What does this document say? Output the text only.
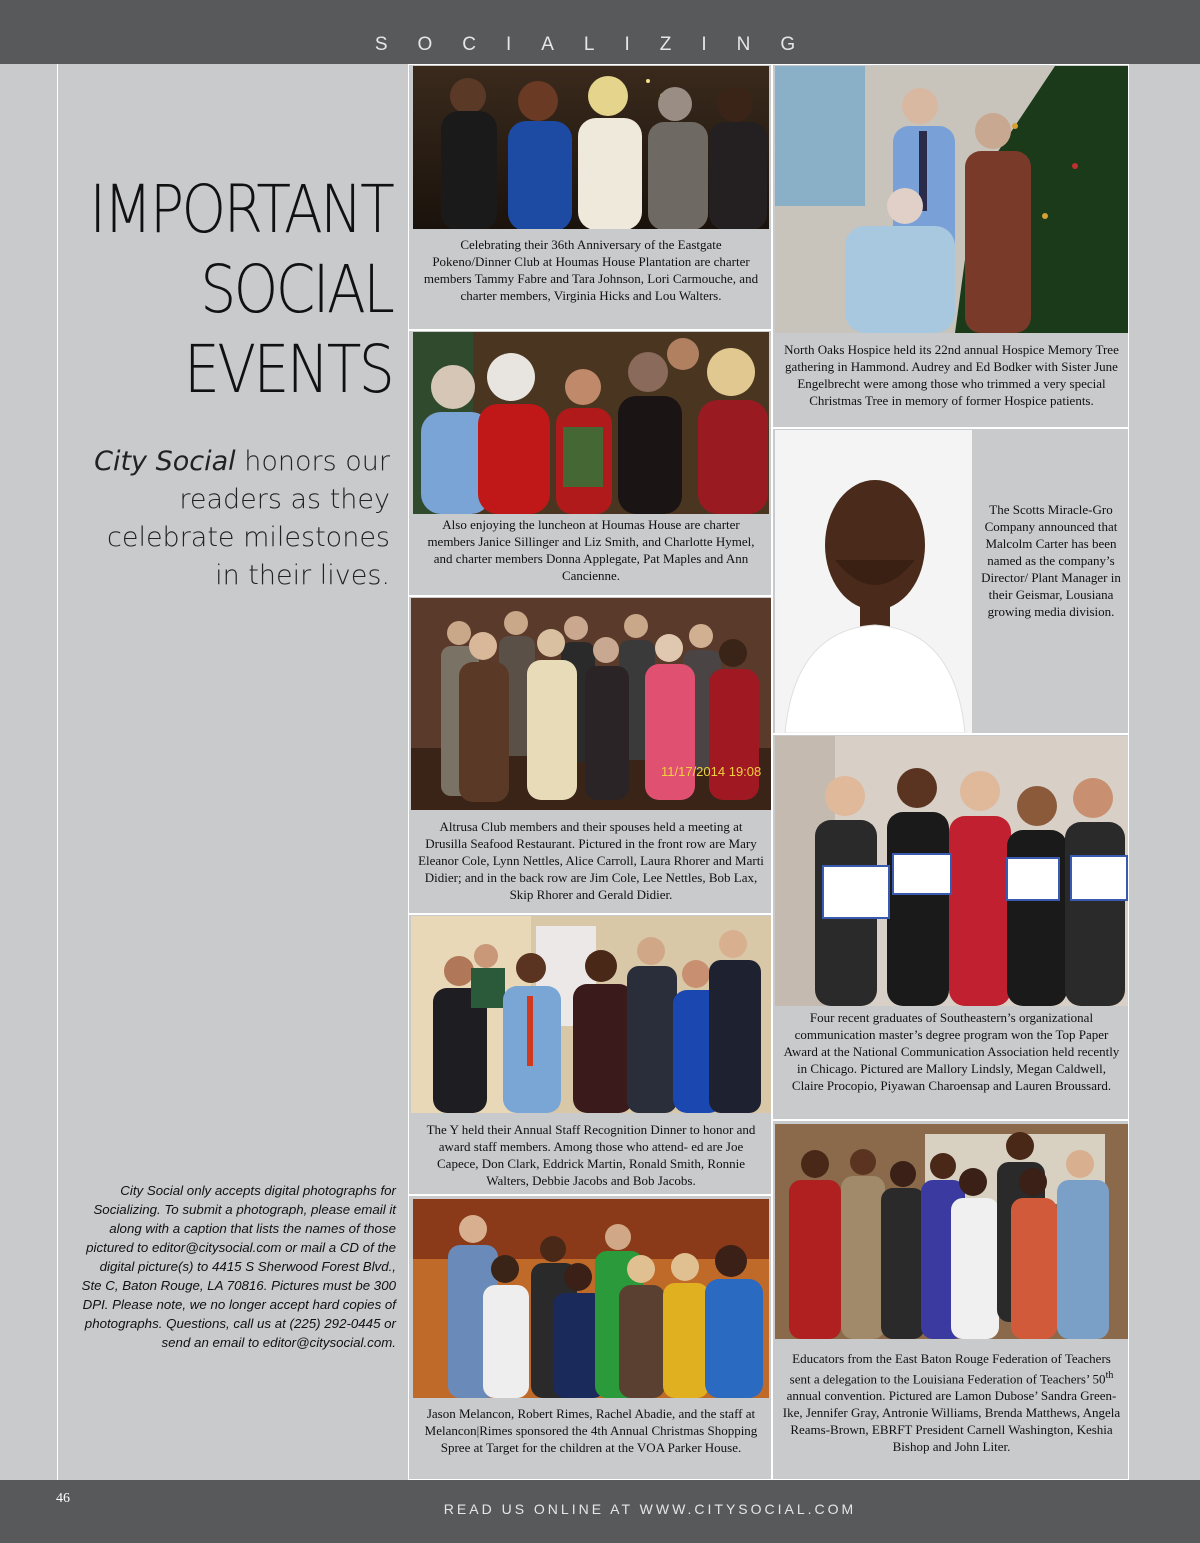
SOCIALIZING
IMPORTANT
SOCIAL
EVENTS
City Social honors our readers as they celebrate milestones in their lives.
City Social only accepts digital photographs for Socializing. To submit a photograph, please email it along with a caption that lists the names of those pictured to editor@citysocial.com or mail a CD of the digital picture(s) to 4415 S Sherwood Forest Blvd., Ste C, Baton Rouge, LA 70816. Pictures must be 300 DPI. Please note, we no longer accept hard copies of photographs. Questions, call us at (225) 292-0445 or send an email to editor@citysocial.com.
Celebrating their 36th Anniversary of the Eastgate Pokeno/Dinner Club at Houmas House Plantation are charter members Tammy Fabre and Tara Johnson, Lori Carmouche, and charter members, Virginia Hicks and Lou Walters.
Also enjoying the luncheon at Houmas House are charter members Janice Sillinger and Liz Smith, and Charlotte Hymel, and charter members Donna Applegate, Pat Maples and Ann Cancienne.
11/17/2014 19:08
Altrusa Club members and their spouses held a meeting at Drusilla Seafood Restaurant. Pictured in the front row are Mary Eleanor Cole, Lynn Nettles, Alice Carroll, Laura Rhorer and Marti Didier; and in the back row are Jim Cole, Lee Nettles, Bob Lax, Skip Rhorer and Gerald Didier.
The Y held their Annual Staff Recognition Dinner to honor and award staff members. Among those who attend- ed are Joe Capece, Don Clark, Eddrick Martin, Ronald Smith, Ronnie Walters, Debbie Jacobs and Bob Jacobs.
Jason Melancon, Robert Rimes, Rachel Abadie, and the staff at Melancon|Rimes sponsored the 4th Annual Christmas Shopping Spree at Target for the children at the VOA Parker House.
North Oaks Hospice held its 22nd annual Hospice Memory Tree gathering in Hammond. Audrey and Ed Bodker with Sister June Engelbrecht were among those who trimmed a very special Christmas Tree in memory of former Hospice patients.
The Scotts Miracle-Gro Company announced that Malcolm Carter has been named as the company’s Director/ Plant Manager in their Geismar, Lousiana growing media division.
Four recent graduates of Southeastern’s organizational communication master’s degree program won the Top Paper Award at the National Communication Association held recently in Chicago. Pictured are Mallory Lindsly, Megan Caldwell, Claire Procopio, Piyawan Charoensap and Lauren Broussard.
Educators from the East Baton Rouge Federation of Teachers sent a delegation to the Louisiana Federation of Teachers’ 50th annual convention. Pictured are Lamon Dubose’ Sandra Green-Ike, Jennifer Gray, Antronie Williams, Brenda Matthews, Angela Reams-Brown, EBRFT President Carnell Washington, Keshia Bishop and John Liter.
46
READ US ONLINE AT WWW.CITYSOCIAL.COM
